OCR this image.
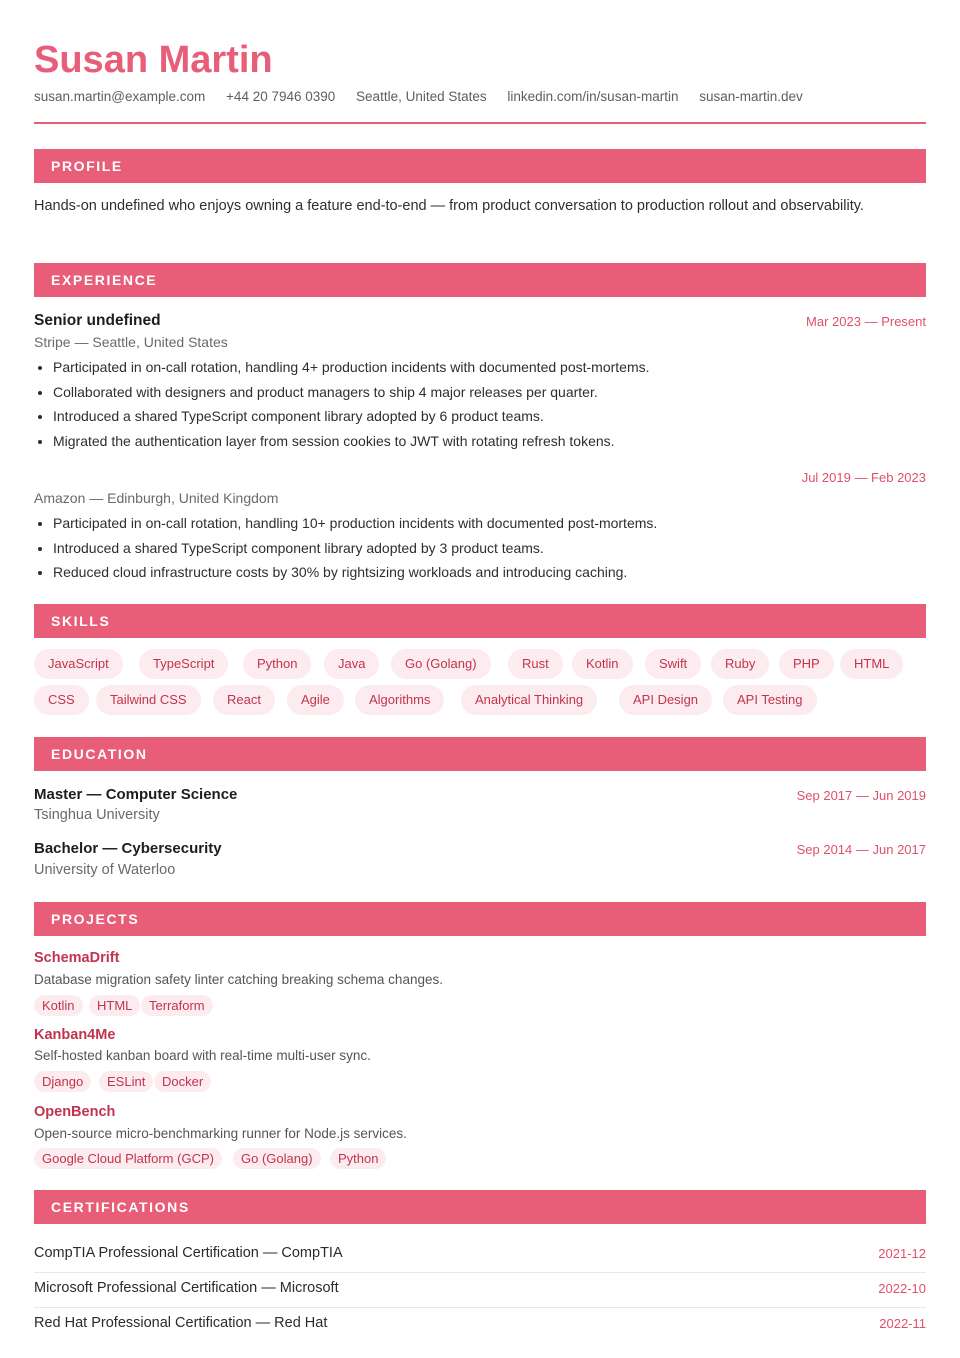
Susan Martin
susan.martin@example.com +44 20 7946 0390 Seattle, United States linkedin.com/in/susan-martin susan-martin.dev
PROFILE
Hands-on undefined who enjoys owning a feature end-to-end — from product conversation to production rollout and observability.
EXPERIENCE
Senior undefined	Mar 2023 — Present
Stripe — Seattle, United States
• Participated in on-call rotation, handling 4+ production incidents with documented post-mortems.
• Collaborated with designers and product managers to ship 4 major releases per quarter.
• Introduced a shared TypeScript component library adopted by 6 product teams.
• Migrated the authentication layer from session cookies to JWT with rotating refresh tokens.
Jul 2019 — Feb 2023
Amazon — Edinburgh, United Kingdom
• Participated in on-call rotation, handling 10+ production incidents with documented post-mortems.
• Introduced a shared TypeScript component library adopted by 3 product teams.
• Reduced cloud infrastructure costs by 30% by rightsizing workloads and introducing caching.
SKILLS
JavaScript	TypeScript	Python	Java	Go (Golang)	Rust	Kotlin	Swift	Ruby	PHP	HTML
CSS	Tailwind CSS	React	Agile	Algorithms	Analytical Thinking	API Design	API Testing
EDUCATION
Master — Computer Science	Sep 2017 — Jun 2019
Tsinghua University
Bachelor — Cybersecurity	Sep 2014 — Jun 2017
University of Waterloo
PROJECTS
SchemaDrift
Database migration safety linter catching breaking schema changes.
Kotlin	HTML	Terraform
Kanban4Me
Self-hosted kanban board with real-time multi-user sync.
Django	ESLint	Docker
OpenBench
Open-source micro-benchmarking runner for Node.js services.
Google Cloud Platform (GCP)	Go (Golang)	Python
CERTIFICATIONS
CompTIA Professional Certification — CompTIA	2021-12
Microsoft Professional Certification — Microsoft	2022-10
Red Hat Professional Certification — Red Hat	2022-11
